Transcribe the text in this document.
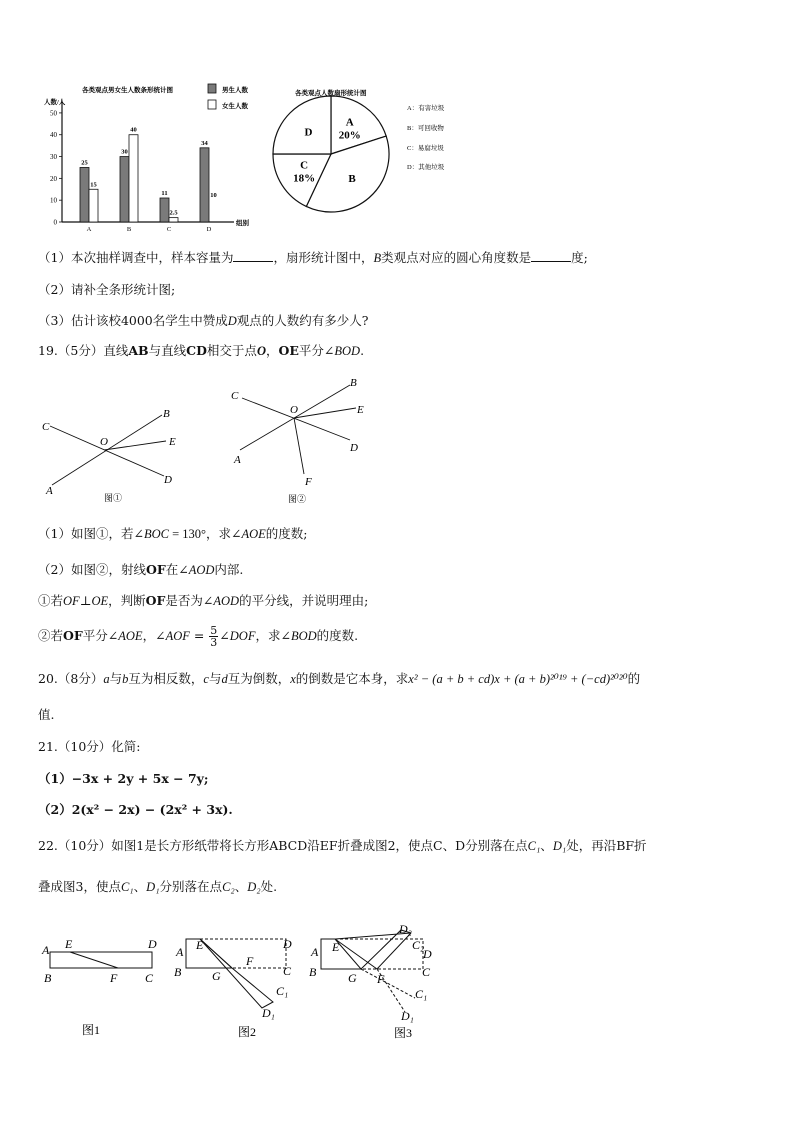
各类观点男女生人数条形统计图
人数/人
组别
0
10
20
30
40
50
25
15
A
30
40
B
11
2.5
C
34
10
D
男生人数
女生人数
各类观点人数扇形统计图
A
20%
B
C
18%
D
A：有害垃圾
B：可回收物
C：易腐垃圾
D：其他垃圾
（1）本次抽样调查中，样本容量为	，扇形统计图中，B类观点对应的圆心角度数是	度;
（2）请补全条形统计图;
（3）估计该校4000名学生中赞成D观点的人数约有多少人?
19.（5分）直线AB与直线CD相交于点O，OE平分∠BOD.
C
B
O	E
D
A
图①
C
B
O	E
D
A
F
图②
（1）如图①，若∠BOC = 130°，求∠AOE的度数;
（2）如图②，射线OF在∠AOD内部.
①若OF⊥OE，判断OF是否为∠AOD的平分线，并说明理由;
②若OF平分∠AOE，∠AOF = $\frac{5}{3}$ ∠DOF，求∠BOD的度数.
20.（8分）a与b互为相反数，c与d互为倒数，x的倒数是它本身，求x² − (a + b + cd)x + (a + b)²⁰¹⁹ + (−cd)²⁰²⁰的
值.
21.（10分）化简:
（1）−3x + 2y + 5x − 7y;
（2）2(x² − 2x) − (2x² + 3x).
22.（10分）如图1是长方形纸带将长方形ABCD沿EF折叠成图2，使点C、D分别落在点C₁、D₁处，再沿BF折
叠成图3，使点C₁、D₁分别落在点C₂、D₂处.
A E	D
B	F C
图1
A E	D
B
F
C
G
C₁
D₁
图2
A E
D₂
C₂
D
B	C
G F
C₁
D₁
图3
